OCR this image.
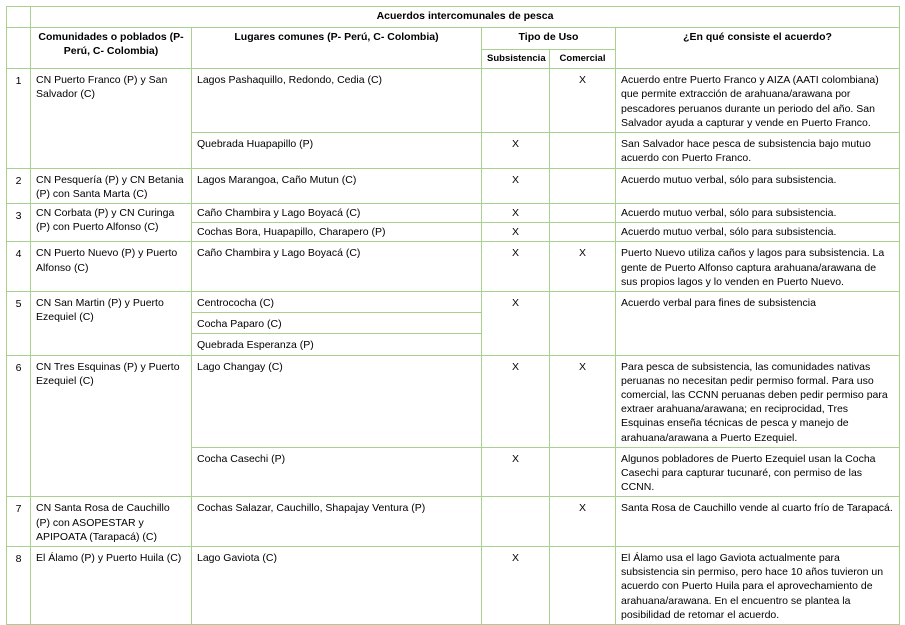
	Acuerdos intercomunales de pesca				
	Comunidades o poblados (P- Perú, C- Colombia)	Lugares comunes (P- Perú, C- Colombia)	Tipo de Uso		¿En qué consiste el acuerdo?
			Subsistencia	Comercial	
1	CN Puerto Franco (P) y San Salvador (C)	Lagos Pashaquillo, Redondo, Cedia (C)		X	Acuerdo entre Puerto Franco y AIZA (AATI colombiana) que permite extracción de arahuana/arawana por pescadores peruanos durante un periodo del año. San Salvador ayuda a capturar y vende en Puerto Franco.
		Quebrada Huapapillo (P)	X		San Salvador hace pesca de subsistencia bajo mutuo acuerdo con Puerto Franco.
2	CN Pesquería (P) y CN Betania (P) con Santa Marta (C)	Lagos Marangoa, Caño Mutun (C)	X		Acuerdo mutuo verbal, sólo para subsistencia.
3	CN Corbata (P) y CN Curinga (P) con Puerto Alfonso (C)	Caño Chambira y Lago Boyacá (C)	X		Acuerdo mutuo verbal, sólo para subsistencia.
		Cochas Bora, Huapapillo, Charapero (P)	X		Acuerdo mutuo verbal, sólo para subsistencia.
4	CN Puerto Nuevo (P) y Puerto Alfonso (C)	Caño Chambira y Lago Boyacá (C)	X	X	Puerto Nuevo utiliza caños y lagos para subsistencia. La gente de Puerto Alfonso captura arahuana/arawana de sus propios lagos y lo venden en Puerto Nuevo.
5	CN San Martin (P) y Puerto Ezequiel (C)	Centrococha (C)	X		Acuerdo verbal para fines de subsistencia
		Cocha Paparo (C)			
		Quebrada Esperanza (P)			
6	CN Tres Esquinas (P) y Puerto Ezequiel (C)	Lago Changay (C)	X	X	Para pesca de subsistencia, las comunidades nativas peruanas no necesitan pedir permiso formal. Para uso comercial, las CCNN peruanas deben pedir permiso para extraer arahuana/arawana; en reciprocidad, Tres Esquinas enseña técnicas de pesca y manejo de arahuana/arawana a Puerto Ezequiel.
		Cocha Casechi (P)	X		Algunos pobladores de Puerto Ezequiel usan la Cocha Casechi para capturar tucunaré, con permiso de las CCNN.
7	CN Santa Rosa de Cauchillo (P) con ASOPESTAR y APIPOATA (Tarapacá) (C)	Cochas Salazar, Cauchillo, Shapajay Ventura (P)		X	Santa Rosa de Cauchillo vende al cuarto frío de Tarapacá.
8	El Álamo (P) y Puerto Huila (C)	Lago Gaviota (C)	X		El Álamo usa el lago Gaviota actualmente para subsistencia sin permiso, pero hace 10 años tuvieron un acuerdo con Puerto Huila para el aprovechamiento de arahuana/arawana. En el encuentro se plantea la posibilidad de retomar el acuerdo.
